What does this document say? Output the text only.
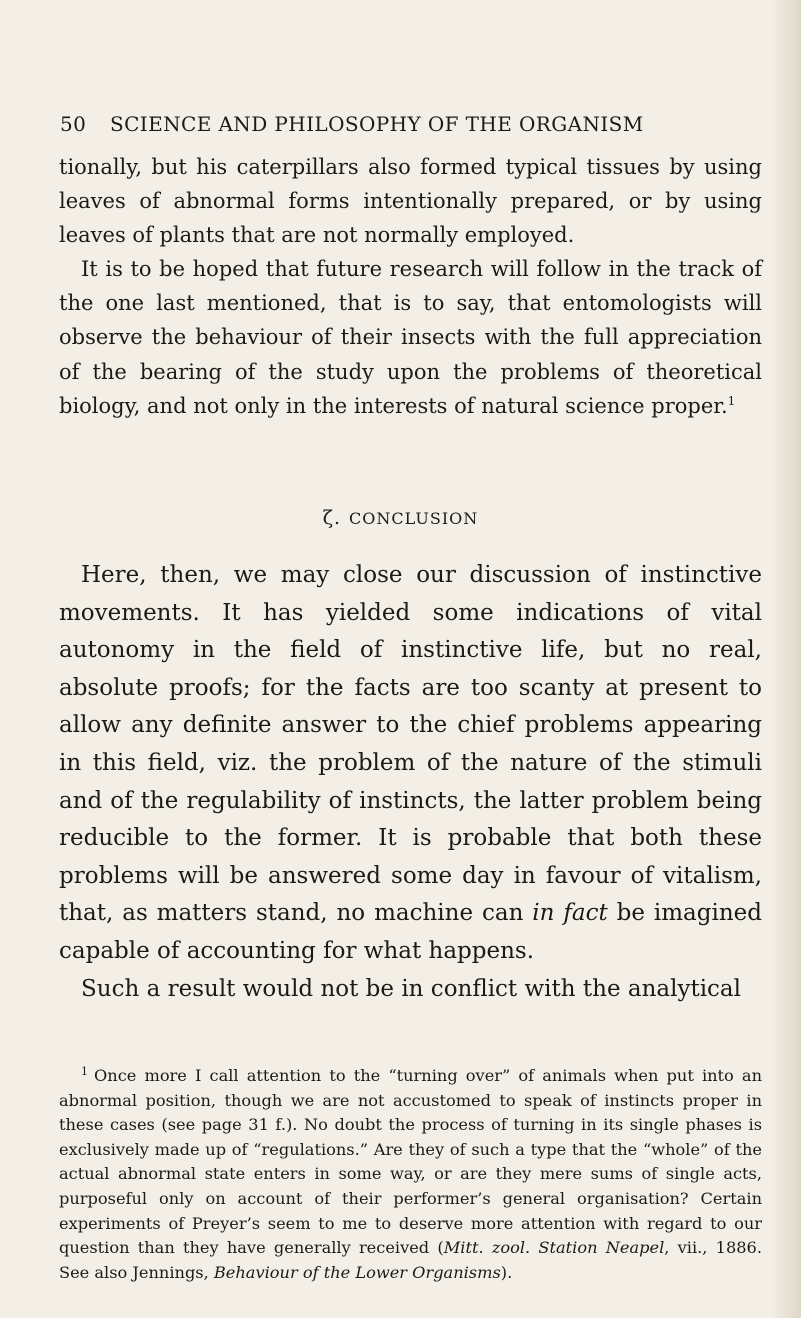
50 SCIENCE AND PHILOSOPHY OF THE ORGANISM

tionally, but his caterpillars also formed typical tissues by using leaves of abnormal forms intentionally prepared, or by using leaves of plants that are not normally employed.

It is to be hoped that future research will follow in the track of the one last mentioned, that is to say, that entomologists will observe the behaviour of their insects with the full appreciation of the bearing of the study upon the problems of theoretical biology, and not only in the interests of natural science proper.$^1$

ζ. CONCLUSION

Here, then, we may close our discussion of instinctive movements. It has yielded some indications of vital autonomy in the field of instinctive life, but no real, absolute proofs; for the facts are too scanty at present to allow any definite answer to the chief problems appearing in this field, viz. the problem of the nature of the stimuli and of the regulability of instincts, the latter problem being reducible to the former. It is probable that both these problems will be answered some day in favour of vitalism, that, as matters stand, no machine can in fact be imagined capable of accounting for what happens.

Such a result would not be in conflict with the analytical

$^1$ Once more I call attention to the “turning over” of animals when put into an abnormal position, though we are not accustomed to speak of instincts proper in these cases (see page 31 f.). No doubt the process of turning in its single phases is exclusively made up of “regulations.” Are they of such a type that the “whole” of the actual abnormal state enters in some way, or are they mere sums of single acts, purposeful only on account of their performer’s general organisation? Certain experiments of Preyer’s seem to me to deserve more attention with regard to our question than they have generally received (Mitt. zool. Station Neapel, vii., 1886. See also Jennings, Behaviour of the Lower Organisms).
